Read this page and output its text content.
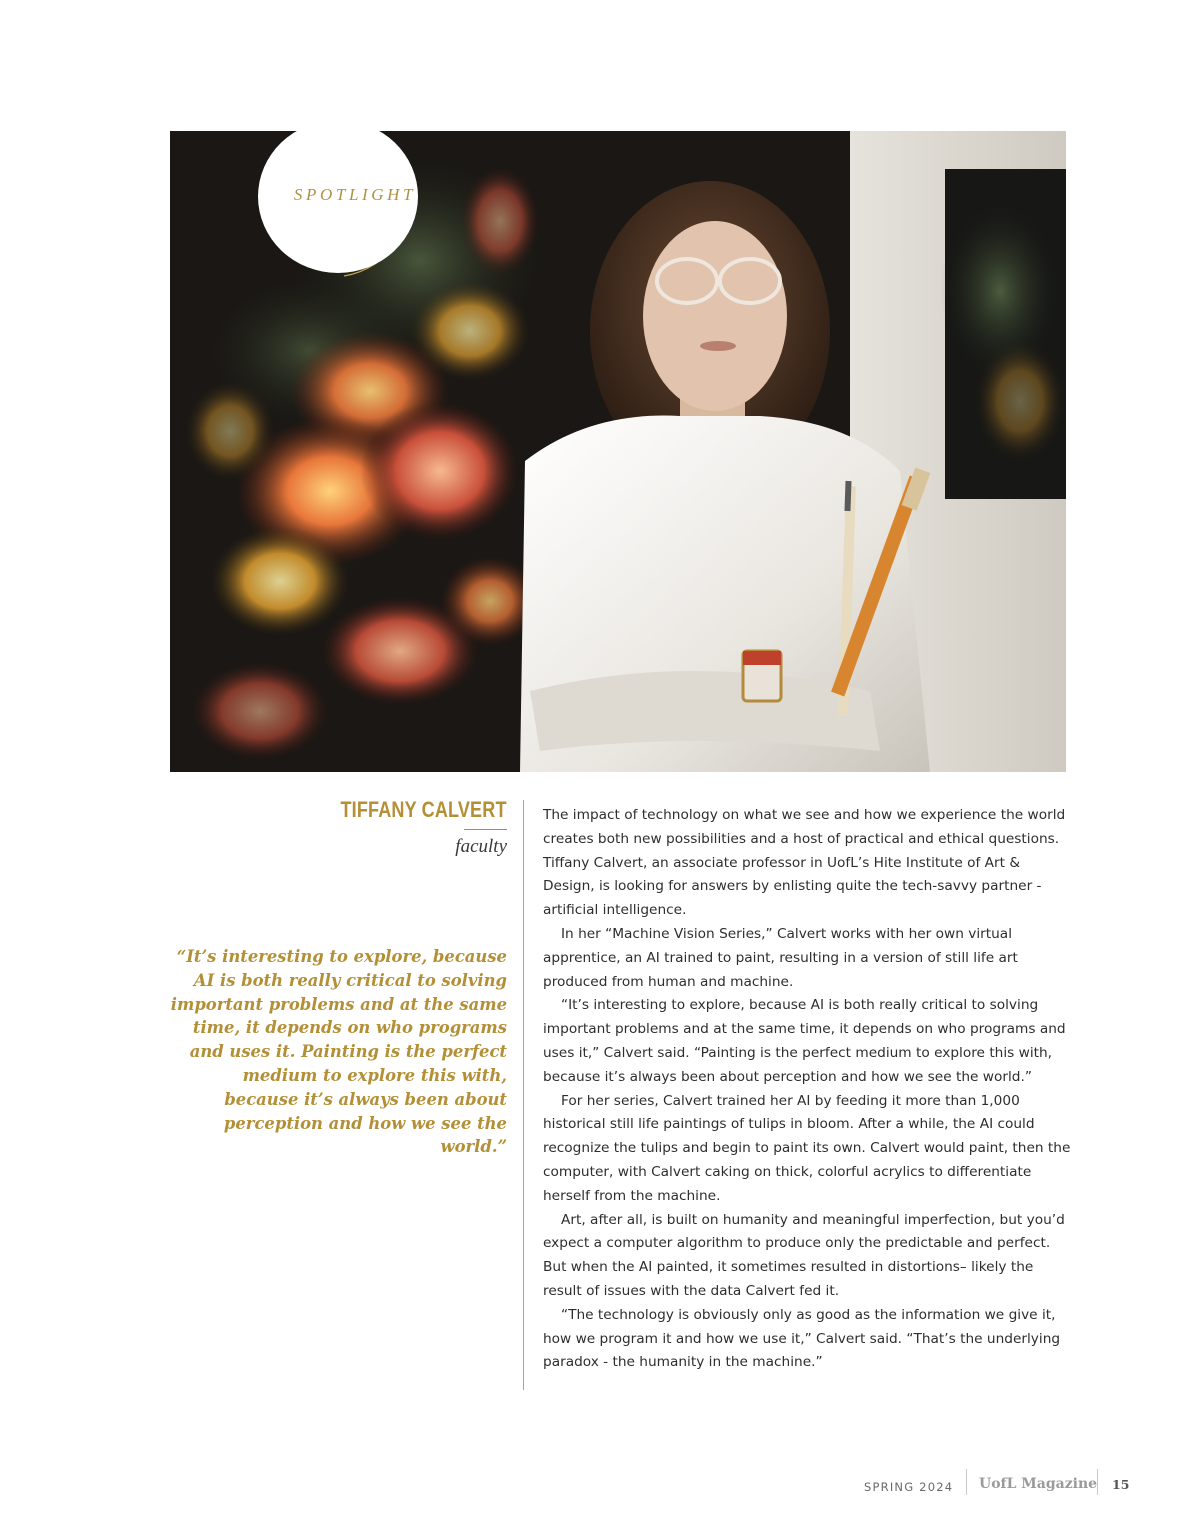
SPOTLIGHT
TIFFANY CALVERT
faculty
“It’s interesting to explore, because AI is both really critical to solving important problems and at the same time, it depends on who programs and uses it. Painting is the perfect medium to explore this with, because it’s always been about perception and how we see the world.”

The impact of technology on what we see and how we experience the world creates both new possibilities and a host of practical and ethical questions. Tiffany Calvert, an associate professor in UofL’s Hite Institute of Art & Design, is looking for answers by enlisting quite the tech-savvy partner - artificial intelligence.

In her “Machine Vision Series,” Calvert works with her own virtual apprentice, an AI trained to paint, resulting in a version of still life art produced from human and machine.

“It’s interesting to explore, because AI is both really critical to solving important problems and at the same time, it depends on who programs and uses it,” Calvert said. “Painting is the perfect medium to explore this with, because it’s always been about perception and how we see the world.”

For her series, Calvert trained her AI by feeding it more than 1,000 historical still life paintings of tulips in bloom. After a while, the AI could recognize the tulips and begin to paint its own. Calvert would paint, then the computer, with Calvert caking on thick, colorful acrylics to differentiate herself from the machine.

Art, after all, is built on humanity and meaningful imperfection, but you’d expect a computer algorithm to produce only the predictable and perfect. But when the AI painted, it sometimes resulted in distortions– likely the result of issues with the data Calvert fed it.

“The technology is obviously only as good as the information we give it, how we program it and how we use it,” Calvert said. “That’s the underlying paradox - the humanity in the machine.”

SPRING 2024 UofL Magazine 15
